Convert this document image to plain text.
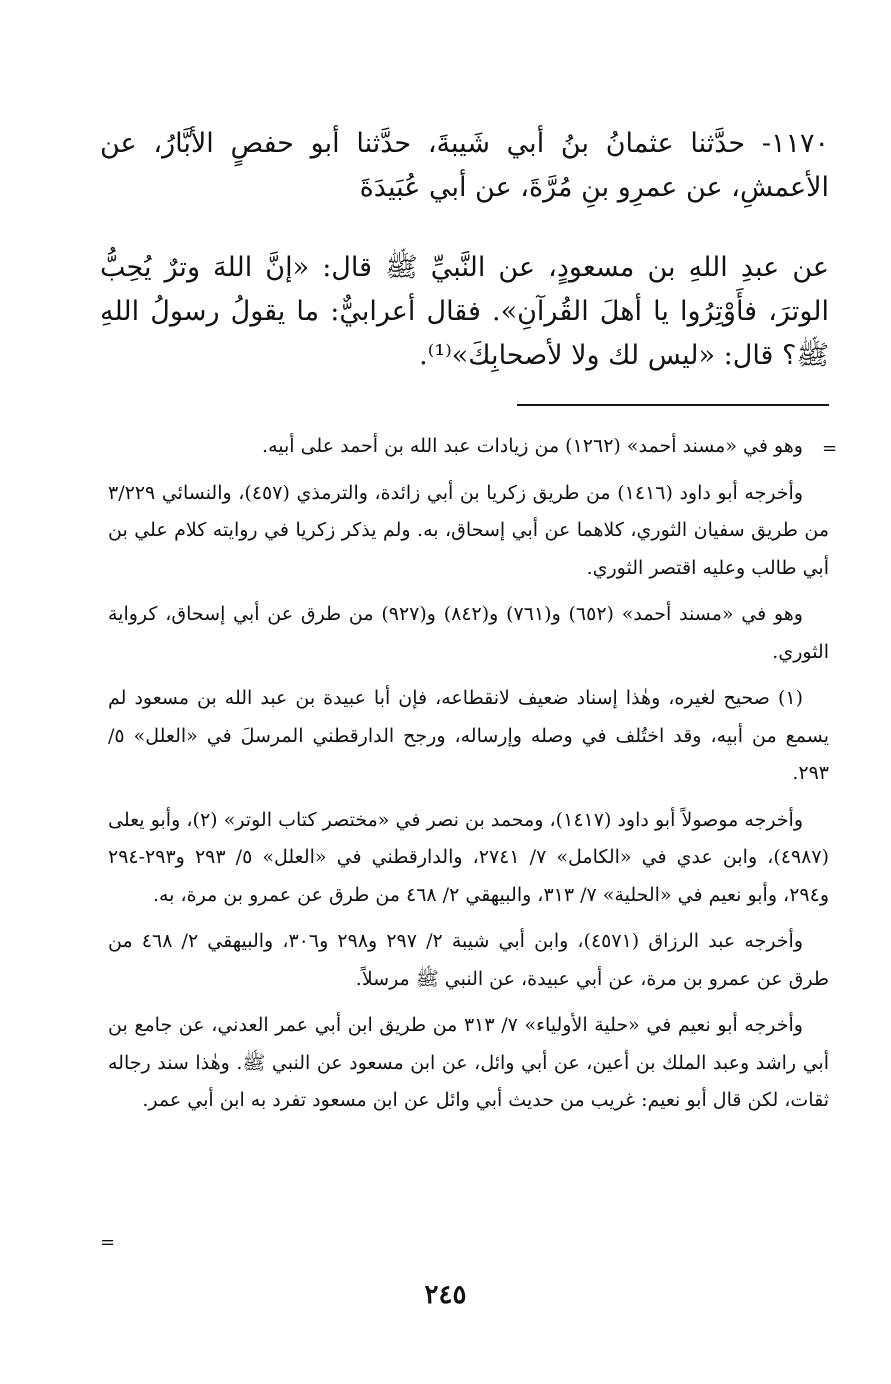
١١٧٠- حدَّثنا عثمانُ بنُ أبي شَيبةَ، حدَّثنا أبو حفصٍ الأبَّارُ، عن الأعمشِ، عن عمرِو بنِ مُرَّةَ، عن أبي عُبَيدَةَ

عن عبدِ اللهِ بن مسعودٍ، عن النَّبيِّ ﷺ قال: «إنَّ اللهَ وترٌ يُحِبُّ الوترَ، فأَوْتِرُوا يا أهلَ القُرآنِ». فقال أعرابيٌّ: ما يقولُ رسولُ اللهِ ﷺ؟ قال: «ليس لك ولا لأصحابِكَ»⁽¹⁾.

=

وهو في «مسند أحمد» (١٢٦٢) من زيادات عبد الله بن أحمد على أبيه.

وأخرجه أبو داود (١٤١٦) من طريق زكريا بن أبي زائدة، والترمذي (٤٥٧)، والنسائي ٣/٢٢٩ من طريق سفيان الثوري، كلاهما عن أبي إسحاق، به. ولم يذكر زكريا في روايته كلام علي بن أبي طالب وعليه اقتصر الثوري.

وهو في «مسند أحمد» (٦٥٢) و(٧٦١) و(٨٤٢) و(٩٢٧) من طرق عن أبي إسحاق، كرواية الثوري.

(١) صحيح لغيره، وهٰذا إسناد ضعيف لانقطاعه، فإن أبا عبيدة بن عبد الله بن مسعود لم يسمع من أبيه، وقد اختُلف في وصله وإرساله، ورجح الدارقطني المرسلَ في «العلل» ٥/ ٢٩٣.

وأخرجه موصولاً أبو داود (١٤١٧)، ومحمد بن نصر في «مختصر كتاب الوتر» (٢)، وأبو يعلى (٤٩٨٧)، وابن عدي في «الكامل» ٧/ ٢٧٤١، والدارقطني في «العلل» ٥/ ٢٩٣ و٢٩٣-٢٩٤ و٢٩٤، وأبو نعيم في «الحلية» ٧/ ٣١٣، والبيهقي ٢/ ٤٦٨ من طرق عن عمرو بن مرة، به.

وأخرجه عبد الرزاق (٤٥٧١)، وابن أبي شيبة ٢/ ٢٩٧ و٢٩٨ و٣٠٦، والبيهقي ٢/ ٤٦٨ من طرق عن عمرو بن مرة، عن أبي عبيدة، عن النبي ﷺ مرسلاً.

وأخرجه أبو نعيم في «حلية الأولياء» ٧/ ٣١٣ من طريق ابن أبي عمر العدني، عن جامع بن أبي راشد وعبد الملك بن أعين، عن أبي وائل، عن ابن مسعود عن النبي ﷺ. وهٰذا سند رجاله ثقات، لكن قال أبو نعيم: غريب من حديث أبي وائل عن ابن مسعود تفرد به ابن أبي عمر.

=
٢٤٥
